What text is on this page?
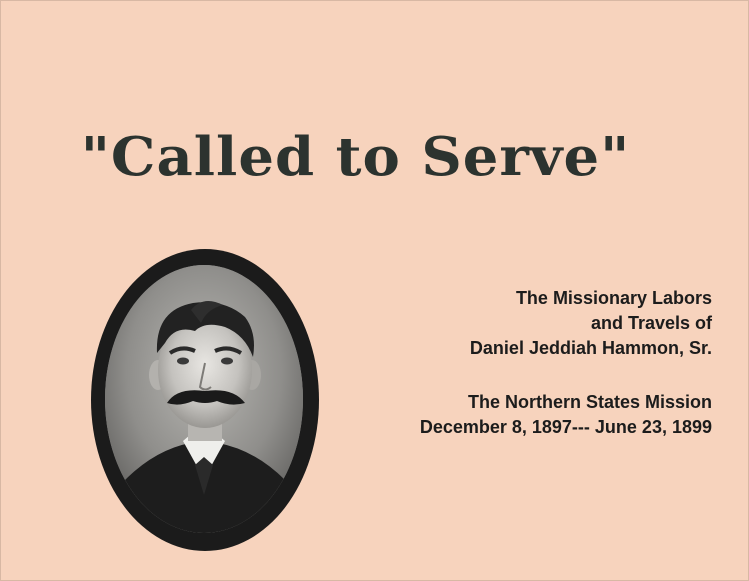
"Called to Serve"
The Missionary Labors
and Travels of
Daniel Jeddiah Hammon, Sr.
The Northern States Mission
December 8, 1897--- June 23, 1899
